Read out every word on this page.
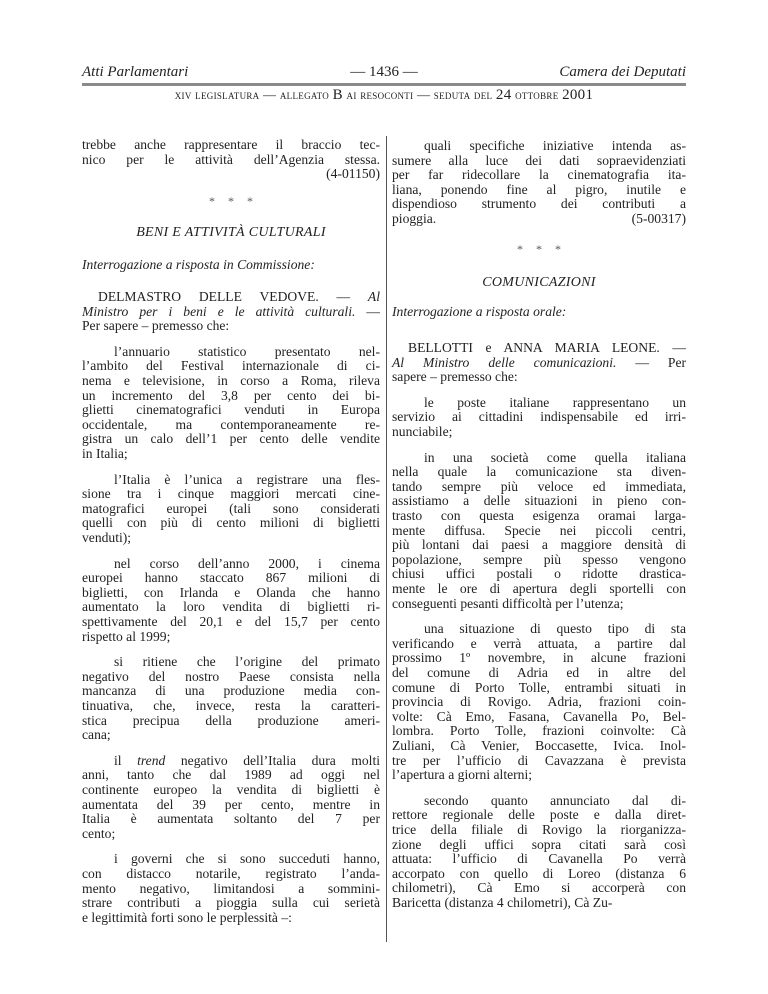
Atti Parlamentari	— 1436 —	Camera dei Deputati
xiv legislatura — allegato B ai resoconti — seduta del 24 ottobre 2001
trebbe anche rappresentare il braccio tec-
nico per le attività dell’Agenzia stessa.
(4-01150)
* * *
BENI E ATTIVITÀ CULTURALI
Interrogazione a risposta in Commissione:
DELMASTRO DELLE VEDOVE. — Al
Ministro per i beni e le attività culturali. —
Per sapere – premesso che:
l’annuario statistico presentato nel-
l’ambito del Festival internazionale di ci-
nema e televisione, in corso a Roma, rileva
un incremento del 3,8 per cento dei bi-
glietti cinematografici venduti in Europa
occidentale, ma contemporaneamente re-
gistra un calo dell’1 per cento delle vendite
in Italia;
l’Italia è l’unica a registrare una fles-
sione tra i cinque maggiori mercati cine-
matografici europei (tali sono considerati
quelli con più di cento milioni di biglietti
venduti);
nel corso dell’anno 2000, i cinema
europei hanno staccato 867 milioni di
biglietti, con Irlanda e Olanda che hanno
aumentato la loro vendita di biglietti ri-
spettivamente del 20,1 e del 15,7 per cento
rispetto al 1999;
si ritiene che l’origine del primato
negativo del nostro Paese consista nella
mancanza di una produzione media con-
tinuativa, che, invece, resta la caratteri-
stica precipua della produzione ameri-
cana;
il trend negativo dell’Italia dura molti
anni, tanto che dal 1989 ad oggi nel
continente europeo la vendita di biglietti è
aumentata del 39 per cento, mentre in
Italia è aumentata soltanto del 7 per
cento;
i governi che si sono succeduti hanno,
con distacco notarile, registrato l’anda-
mento negativo, limitandosi a sommini-
strare contributi a pioggia sulla cui serietà
e legittimità forti sono le perplessità –:
quali specifiche iniziative intenda as-
sumere alla luce dei dati sopraevidenziati
per far ridecollare la cinematografia ita-
liana, ponendo fine al pigro, inutile e
dispendioso strumento dei contributi a
pioggia.	(5-00317)
* * *
COMUNICAZIONI
Interrogazione a risposta orale:
BELLOTTI e ANNA MARIA LEONE. —
Al Ministro delle comunicazioni. — Per
sapere – premesso che:
le poste italiane rappresentano un
servizio ai cittadini indispensabile ed irri-
nunciabile;
in una società come quella italiana
nella quale la comunicazione sta diven-
tando sempre più veloce ed immediata,
assistiamo a delle situazioni in pieno con-
trasto con questa esigenza oramai larga-
mente diffusa. Specie nei piccoli centri,
più lontani dai paesi a maggiore densità di
popolazione, sempre più spesso vengono
chiusi uffici postali o ridotte drastica-
mente le ore di apertura degli sportelli con
conseguenti pesanti difficoltà per l’utenza;
una situazione di questo tipo di sta
verificando e verrà attuata, a partire dal
prossimo 1º novembre, in alcune frazioni
del comune di Adria ed in altre del
comune di Porto Tolle, entrambi situati in
provincia di Rovigo. Adria, frazioni coin-
volte: Cà Emo, Fasana, Cavanella Po, Bel-
lombra. Porto Tolle, frazioni coinvolte: Cà
Zuliani, Cà Venier, Boccasette, Ivica. Inol-
tre per l’ufficio di Cavazzana è prevista
l’apertura a giorni alterni;
secondo quanto annunciato dal di-
rettore regionale delle poste e dalla diret-
trice della filiale di Rovigo la riorganizza-
zione degli uffici sopra citati sarà così
attuata: l’ufficio di Cavanella Po verrà
accorpato con quello di Loreo (distanza 6
chilometri), Cà Emo si accorperà con
Baricetta (distanza 4 chilometri), Cà Zu-
